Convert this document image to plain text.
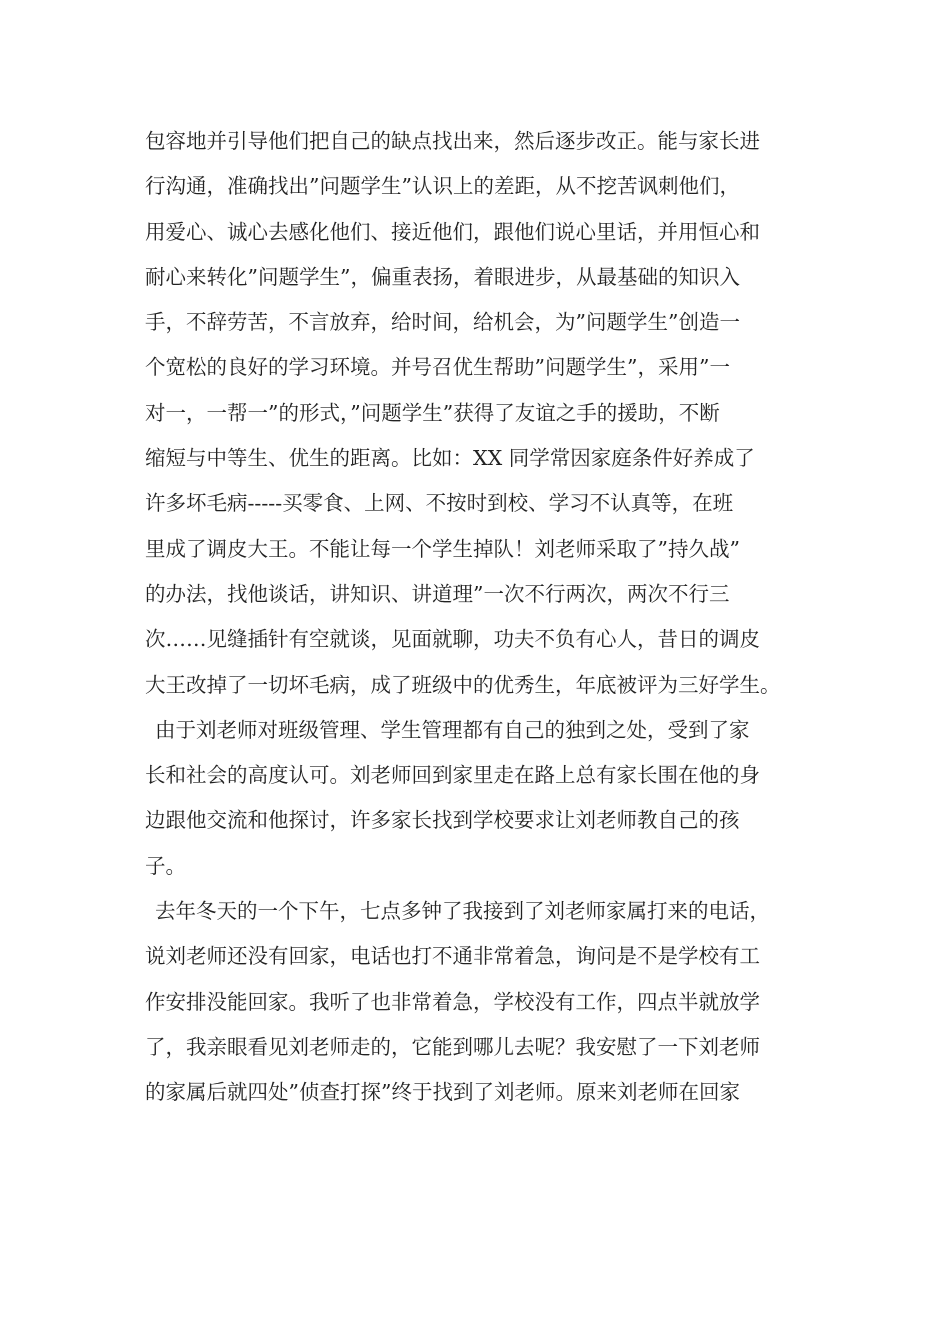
包容地并引导他们把自己的缺点找出来，然后逐步改正。能与家长进
行沟通，准确找出”问题学生”认识上的差距，从不挖苦讽刺他们，
用爱心、诚心去感化他们、接近他们，跟他们说心里话，并用恒心和
耐心来转化”问题学生”，偏重表扬，着眼进步，从最基础的知识入
手，不辞劳苦，不言放弃，给时间，给机会，为”问题学生”创造一
个宽松的良好的学习环境。并号召优生帮助”问题学生”，采用”一
对一，一帮一”的形式，”问题学生”获得了友谊之手的援助，不断
缩短与中等生、优生的距离。比如：XX 同学常因家庭条件好养成了
许多坏毛病-----买零食、上网、不按时到校、学习不认真等，在班
里成了调皮大王。不能让每一个学生掉队！刘老师采取了”持久战”
的办法，找他谈话，讲知识、讲道理”一次不行两次，两次不行三
次……见缝插针有空就谈，见面就聊，功夫不负有心人，昔日的调皮
大王改掉了一切坏毛病，成了班级中的优秀生，年底被评为三好学生。
由于刘老师对班级管理、学生管理都有自己的独到之处，受到了家
长和社会的高度认可。刘老师回到家里走在路上总有家长围在他的身
边跟他交流和他探讨，许多家长找到学校要求让刘老师教自己的孩
子。
去年冬天的一个下午，七点多钟了我接到了刘老师家属打来的电话，
说刘老师还没有回家，电话也打不通非常着急，询问是不是学校有工
作安排没能回家。我听了也非常着急，学校没有工作，四点半就放学
了，我亲眼看见刘老师走的，它能到哪儿去呢？我安慰了一下刘老师
的家属后就四处”侦查打探”终于找到了刘老师。原来刘老师在回家
